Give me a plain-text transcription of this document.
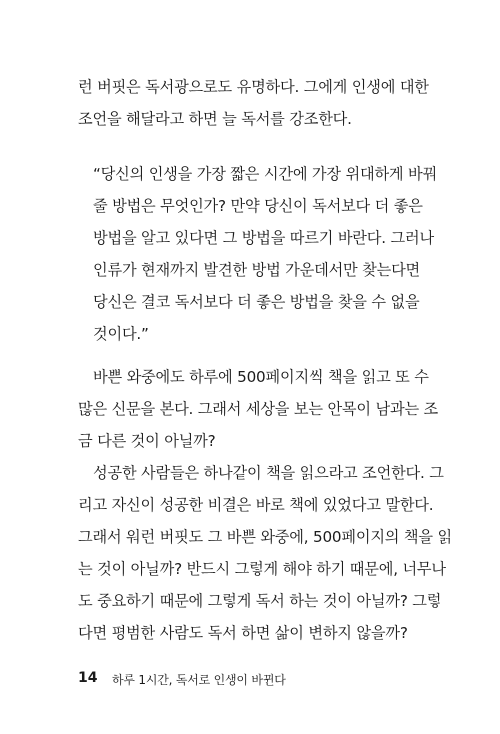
런 버핏은 독서광으로도 유명하다. 그에게 인생에 대한
조언을 해달라고 하면 늘 독서를 강조한다.
“당신의 인생을 가장 짧은 시간에 가장 위대하게 바꿔
줄 방법은 무엇인가? 만약 당신이 독서보다 더 좋은
방법을 알고 있다면 그 방법을 따르기 바란다. 그러나
인류가 현재까지 발견한 방법 가운데서만 찾는다면
당신은 결코 독서보다 더 좋은 방법을 찾을 수 없을
것이다.”
바쁜 와중에도 하루에 500페이지씩 책을 읽고 또 수
많은 신문을 본다. 그래서 세상을 보는 안목이 남과는 조
금 다른 것이 아닐까?
성공한 사람들은 하나같이 책을 읽으라고 조언한다. 그
리고 자신이 성공한 비결은 바로 책에 있었다고 말한다.
그래서 워런 버핏도 그 바쁜 와중에, 500페이지의 책을 읽
는 것이 아닐까? 반드시 그렇게 해야 하기 때문에, 너무나
도 중요하기 때문에 그렇게 독서 하는 것이 아닐까? 그렇
다면 평범한 사람도 독서 하면 삶이 변하지 않을까?
14 하루 1시간, 독서로 인생이 바뀐다
